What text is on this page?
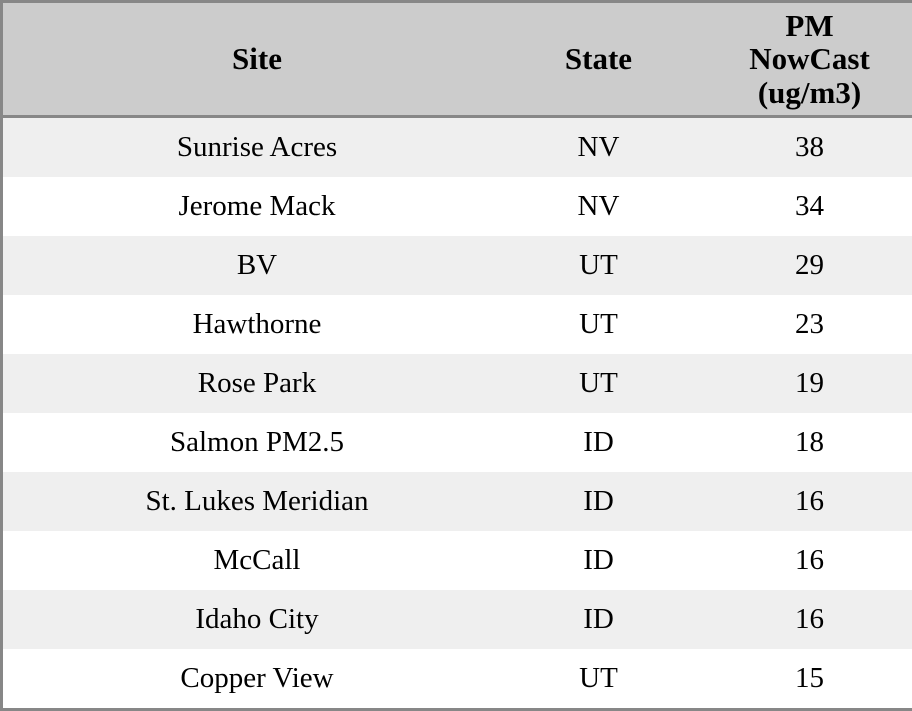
Site	State	PM
NowCast
(ug/m3)

Sunrise Acres	NV	38
Jerome Mack	NV	34
BV	UT	29
Hawthorne	UT	23
Rose Park	UT	19
Salmon PM2.5	ID	18
St. Lukes Meridian	ID	16
McCall	ID	16
Idaho City	ID	16
Copper View	UT	15
